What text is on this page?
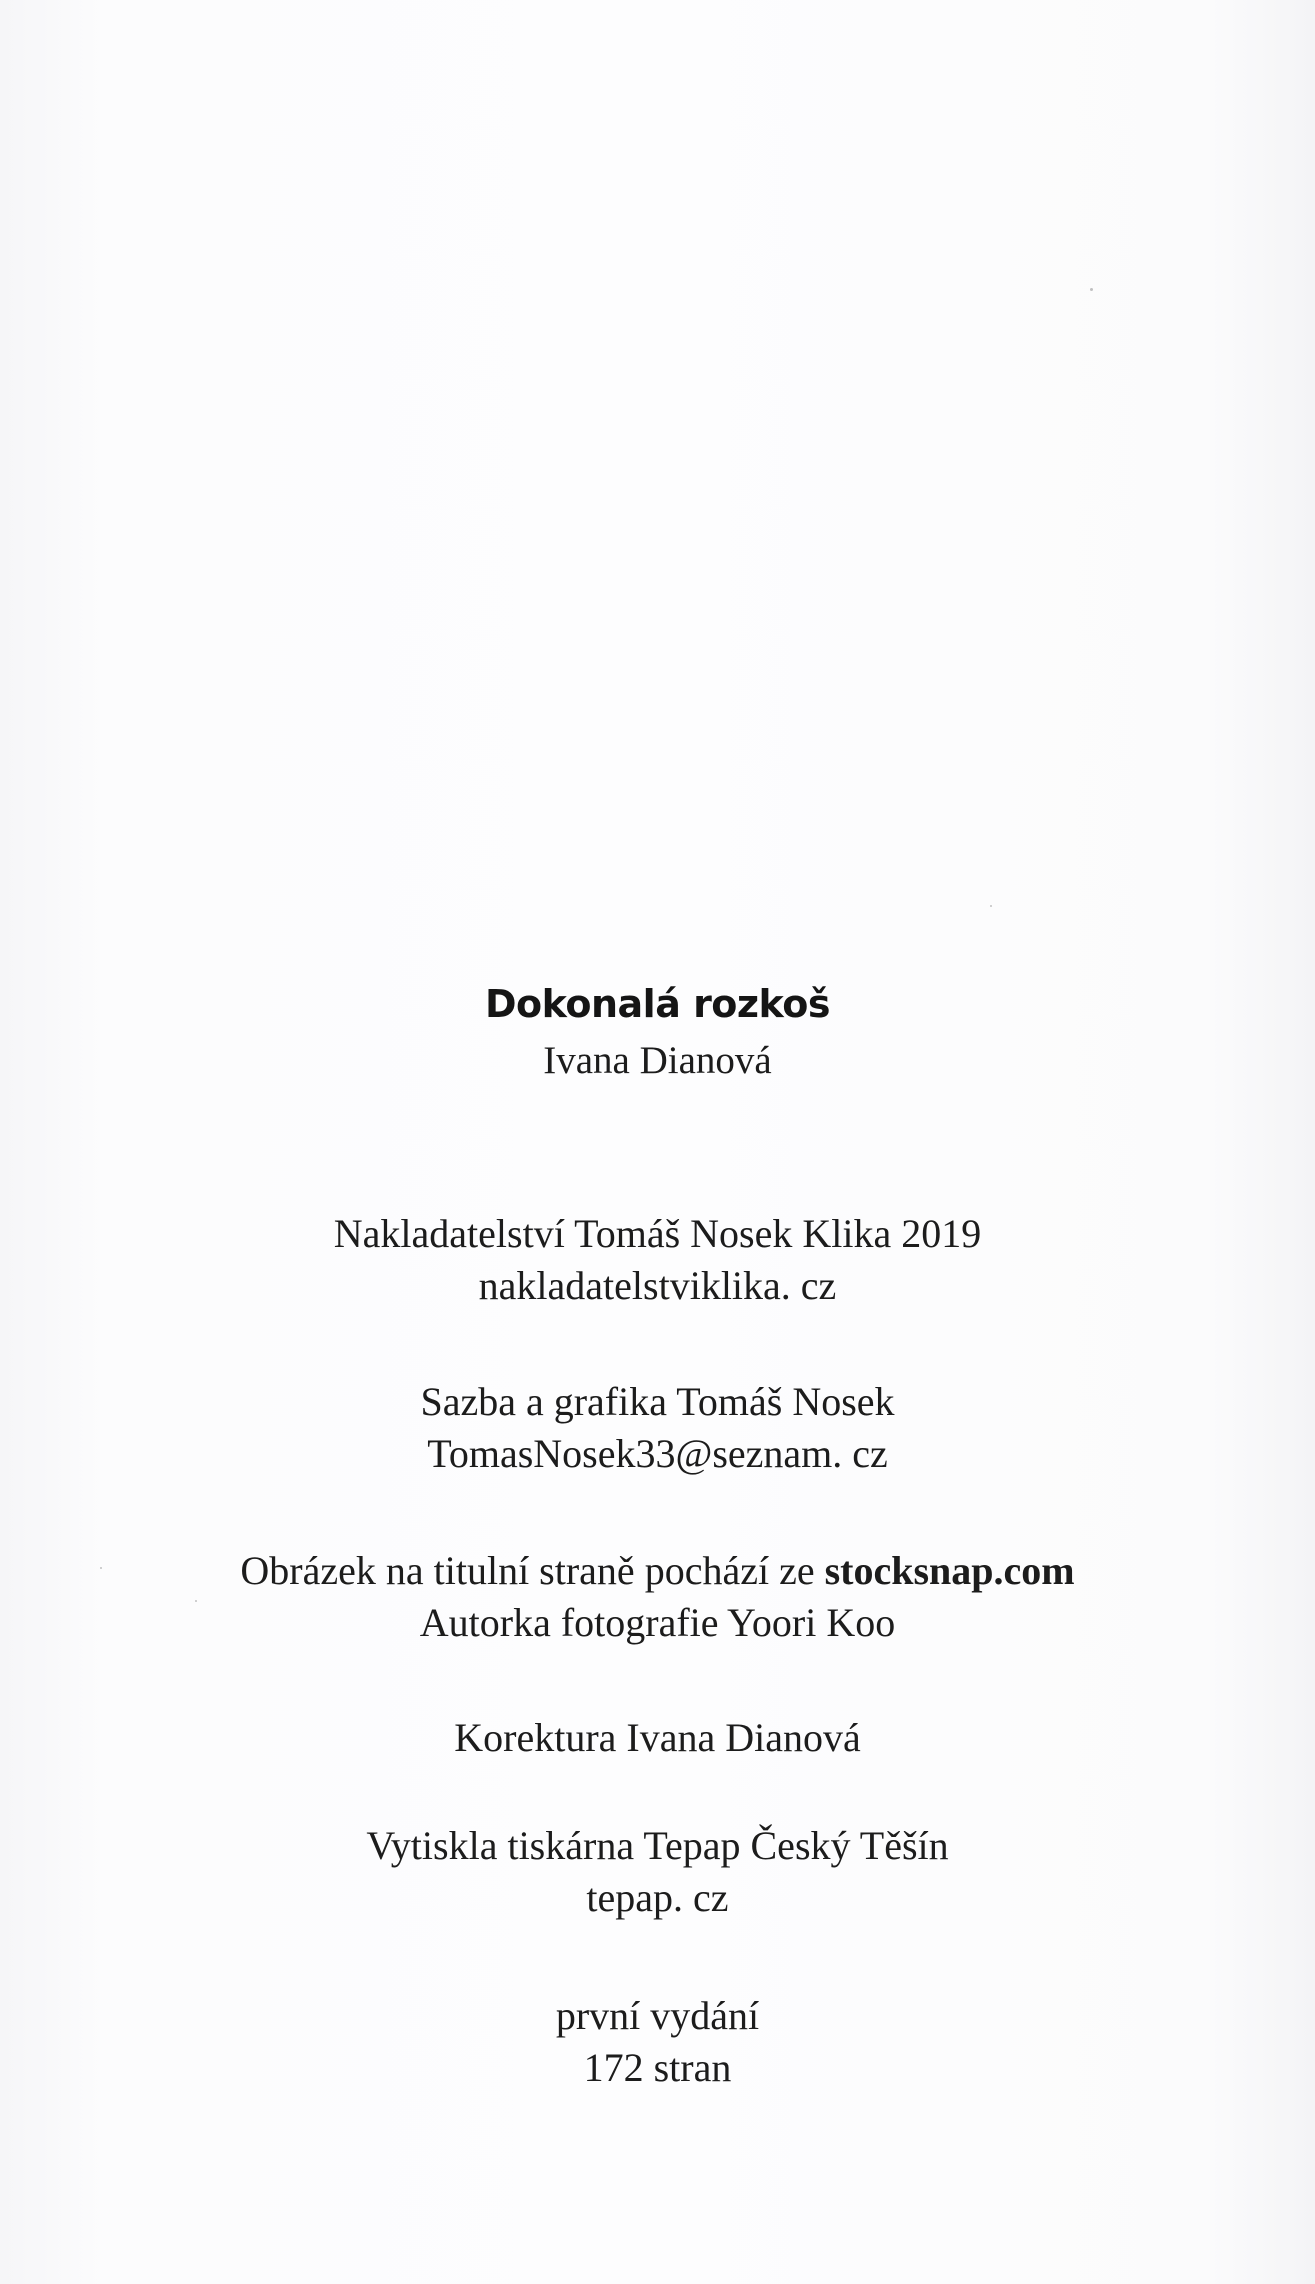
Dokonalá rozkoš
Ivana Dianová

Nakladatelství Tomáš Nosek Klika 2019

nakladatelstviklika. cz

Sazba a grafika Tomáš Nosek

TomasNosek33@seznam. cz

Obrázek na titulní straně pochází ze stocksnap.com

Autorka fotografie Yoori Koo

Korektura Ivana Dianová

Vytiskla tiskárna Tepap Český Těšín

tepap. cz

první vydání

172 stran
